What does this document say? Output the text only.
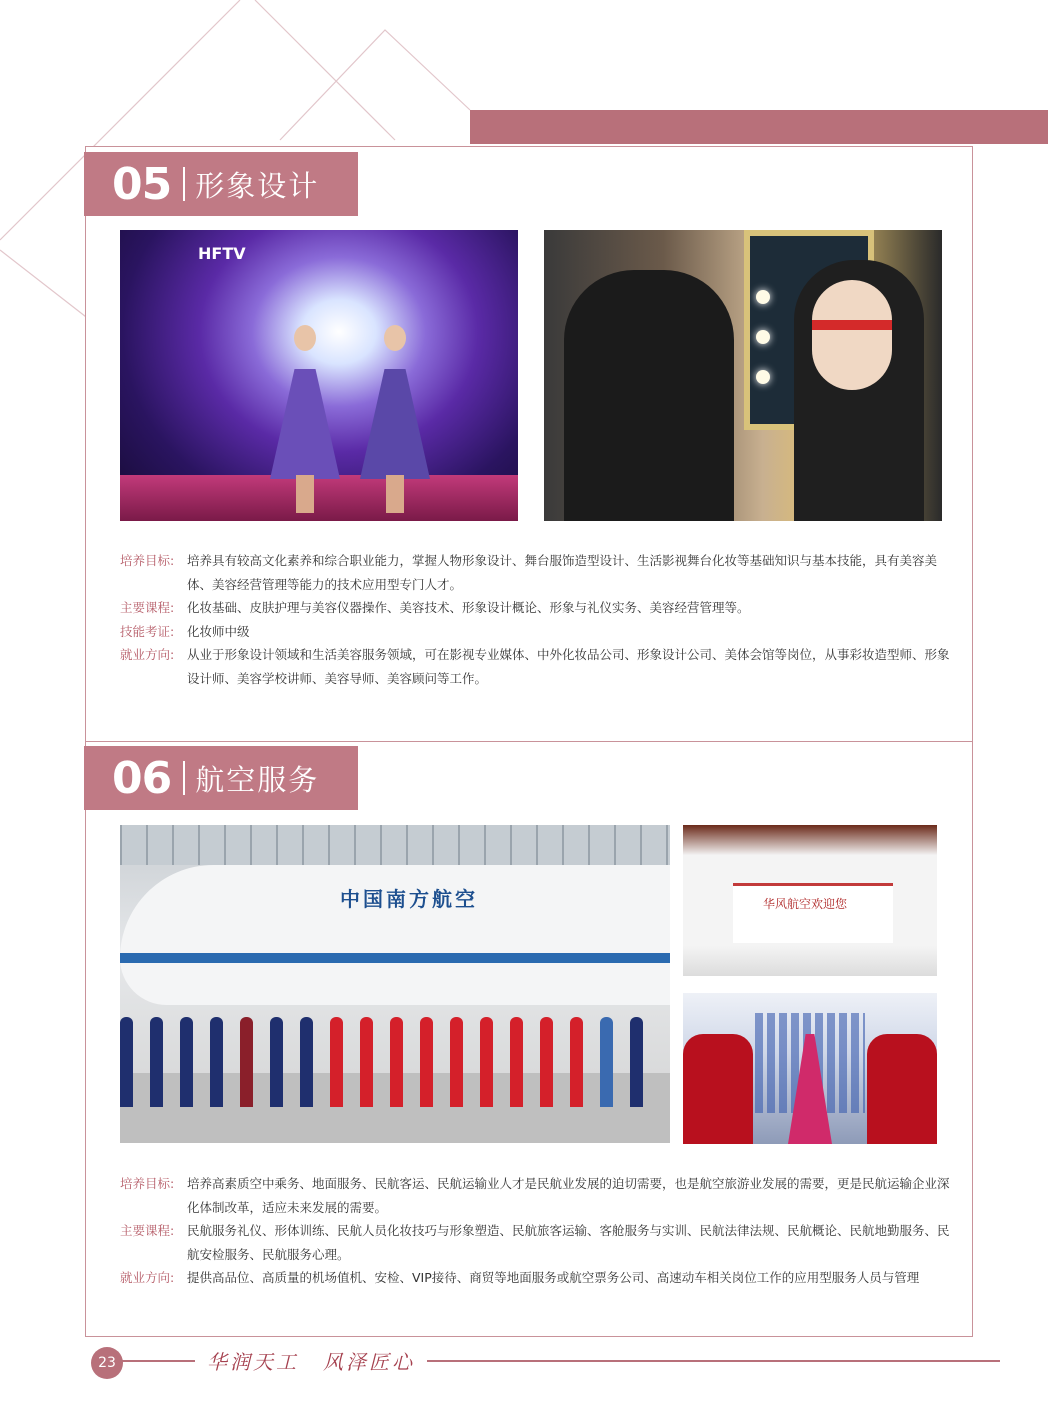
05 形象设计
HFTV
培养目标:	培养具有较高文化素养和综合职业能力，掌握人物形象设计、舞台服饰造型设计、生活影视舞台化妆等基础知识与基本技能，具有美容美体、美容经营管理等能力的技术应用型专门人才。
主要课程:	化妆基础、皮肤护理与美容仪器操作、美容技术、形象设计概论、形象与礼仪实务、美容经营管理等。
技能考证:	化妆师中级
就业方向:	从业于形象设计领域和生活美容服务领域，可在影视专业媒体、中外化妆品公司、形象设计公司、美体会馆等岗位，从事彩妆造型师、形象设计师、美容学校讲师、美容导师、美容顾问等工作。
06 航空服务
中国南方航空	华风航空欢迎您
培养目标:	培养高素质空中乘务、地面服务、民航客运、民航运输业人才是民航业发展的迫切需要，也是航空旅游业发展的需要，更是民航运输企业深化体制改革，适应未来发展的需要。
主要课程:	民航服务礼仪、形体训练、民航人员化妆技巧与形象塑造、民航旅客运输、客舱服务与实训、民航法律法规、民航概论、民航地勤服务、民航安检服务、民航服务心理。
就业方向:	提供高品位、高质量的机场值机、安检、VIP接待、商贸等地面服务或航空票务公司、高速动车相关岗位工作的应用型服务人员与管理
23	华润天工 风泽匠心
